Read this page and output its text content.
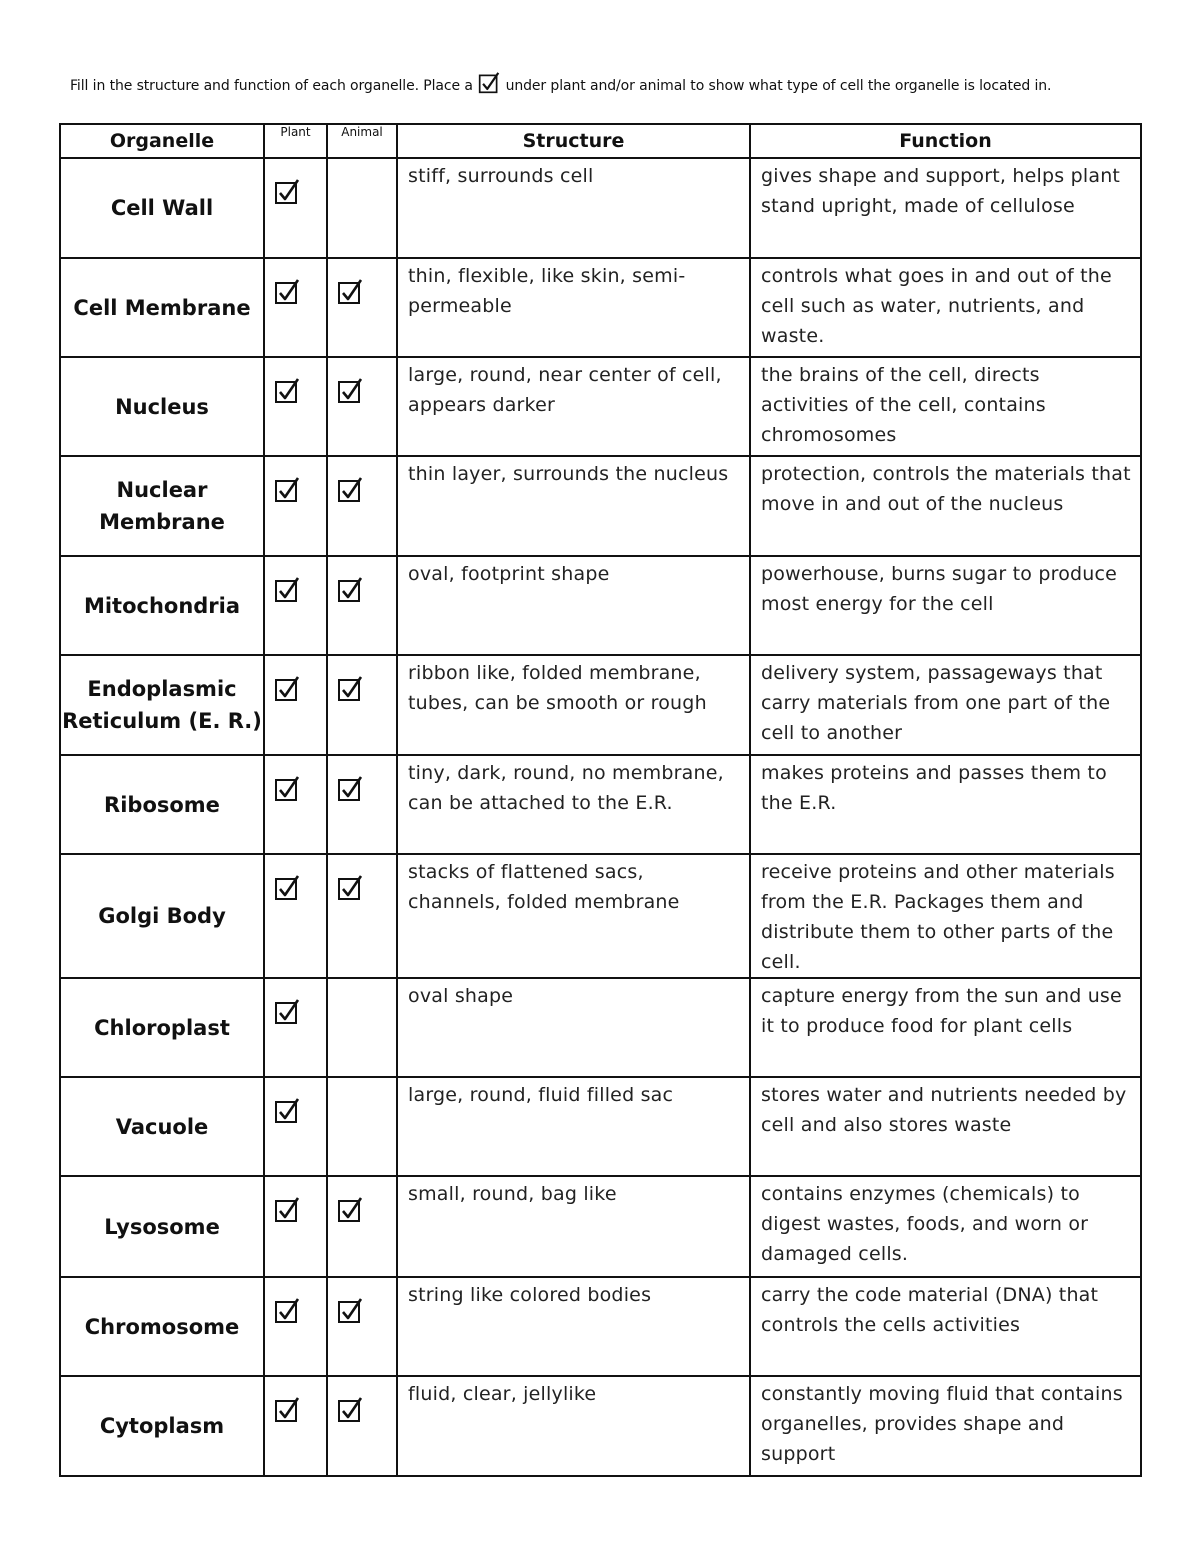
Fill in the structure and function of each organelle. Place a under plant and/or animal to show what type of cell the organelle is located in.
Organelle	Plant	Animal	Structure	Function
Cell Wall			stiff, surrounds cell	gives shape and support, helps plant stand upright, made of cellulose
Cell Membrane			thin, flexible, like skin, semi-permeable	controls what goes in and out of the cell such as water, nutrients, and waste.
Nucleus			large, round, near center of cell, appears darker	the brains of the cell, directs activities of the cell, contains chromosomes
Nuclear Membrane			thin layer, surrounds the nucleus	protection, controls the materials that move in and out of the nucleus
Mitochondria			oval, footprint shape	powerhouse, burns sugar to produce most energy for the cell
Endoplasmic Reticulum (E. R.)			ribbon like, folded membrane, tubes, can be smooth or rough	delivery system, passageways that carry materials from one part of the cell to another
Ribosome			tiny, dark, round, no membrane, can be attached to the E.R.	makes proteins and passes them to the E.R.
Golgi Body			stacks of flattened sacs, channels, folded membrane	receive proteins and other materials from the E.R. Packages them and distribute them to other parts of the cell.
Chloroplast			oval shape	capture energy from the sun and use it to produce food for plant cells
Vacuole			large, round, fluid filled sac	stores water and nutrients needed by cell and also stores waste
Lysosome			small, round, bag like	contains enzymes (chemicals) to digest wastes, foods, and worn or damaged cells.
Chromosome			string like colored bodies	carry the code material (DNA) that controls the cells activities
Cytoplasm			fluid, clear, jellylike	constantly moving fluid that contains organelles, provides shape and support
